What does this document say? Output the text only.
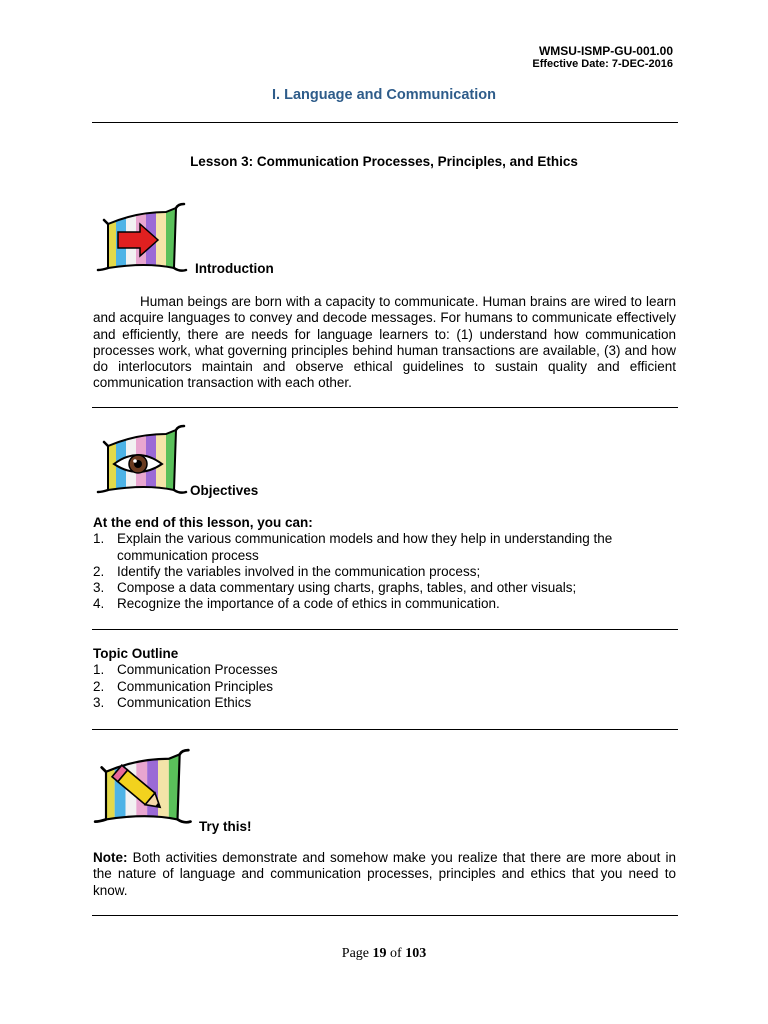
WMSU-ISMP-GU-001.00
Effective Date: 7-DEC-2016
I. Language and Communication
Lesson 3: Communication Processes, Principles, and Ethics
Introduction
Human beings are born with a capacity to communicate. Human brains are wired to learn and acquire languages to convey and decode messages. For humans to communicate effectively and efficiently, there are needs for language learners to: (1) understand how communication processes work, what governing principles behind human transactions are available, (3) and how do interlocutors maintain and observe ethical guidelines to sustain quality and efficient communication transaction with each other.
Objectives
At the end of this lesson, you can:
1. Explain the various communication models and how they help in understanding the communication process
2. Identify the variables involved in the communication process;
3. Compose a data commentary using charts, graphs, tables, and other visuals;
4. Recognize the importance of a code of ethics in communication.
Topic Outline
1. Communication Processes
2. Communication Principles
3. Communication Ethics
Try this!
Note: Both activities demonstrate and somehow make you realize that there are more about in the nature of language and communication processes, principles and ethics that you need to know.
Page 19 of 103
